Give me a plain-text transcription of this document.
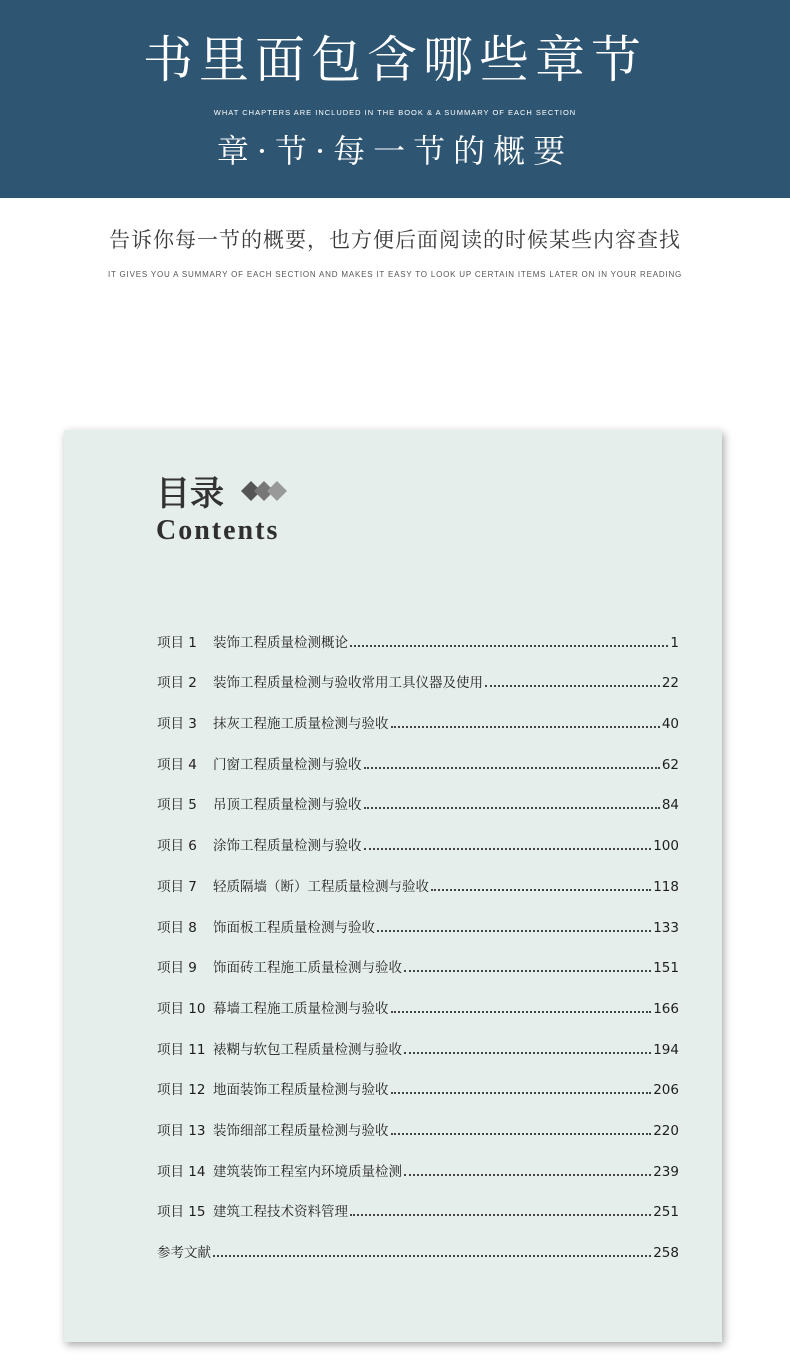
书里面包含哪些章节
WHAT CHAPTERS ARE INCLUDED IN THE BOOK & A SUMMARY OF EACH SECTION
章·节·每一节的概要
告诉你每一节的概要，也方便后面阅读的时候某些内容查找
IT GIVES YOU A SUMMARY OF EACH SECTION AND MAKES IT EASY TO LOOK UP CERTAIN ITEMS LATER ON IN YOUR READING
目录
Contents
项目 1	装饰工程质量检测概论	1
项目 2	装饰工程质量检测与验收常用工具仪器及使用	22
项目 3	抹灰工程施工质量检测与验收	40
项目 4	门窗工程质量检测与验收	62
项目 5	吊顶工程质量检测与验收	84
项目 6	涂饰工程质量检测与验收	100
项目 7	轻质隔墙（断）工程质量检测与验收	118
项目 8	饰面板工程质量检测与验收	133
项目 9	饰面砖工程施工质量检测与验收	151
项目 10 幕墙工程施工质量检测与验收	166
项目 11 裱糊与软包工程质量检测与验收	194
项目 12 地面装饰工程质量检测与验收	206
项目 13 装饰细部工程质量检测与验收	220
项目 14 建筑装饰工程室内环境质量检测	239
项目 15 建筑工程技术资料管理	251
参考文献	258
